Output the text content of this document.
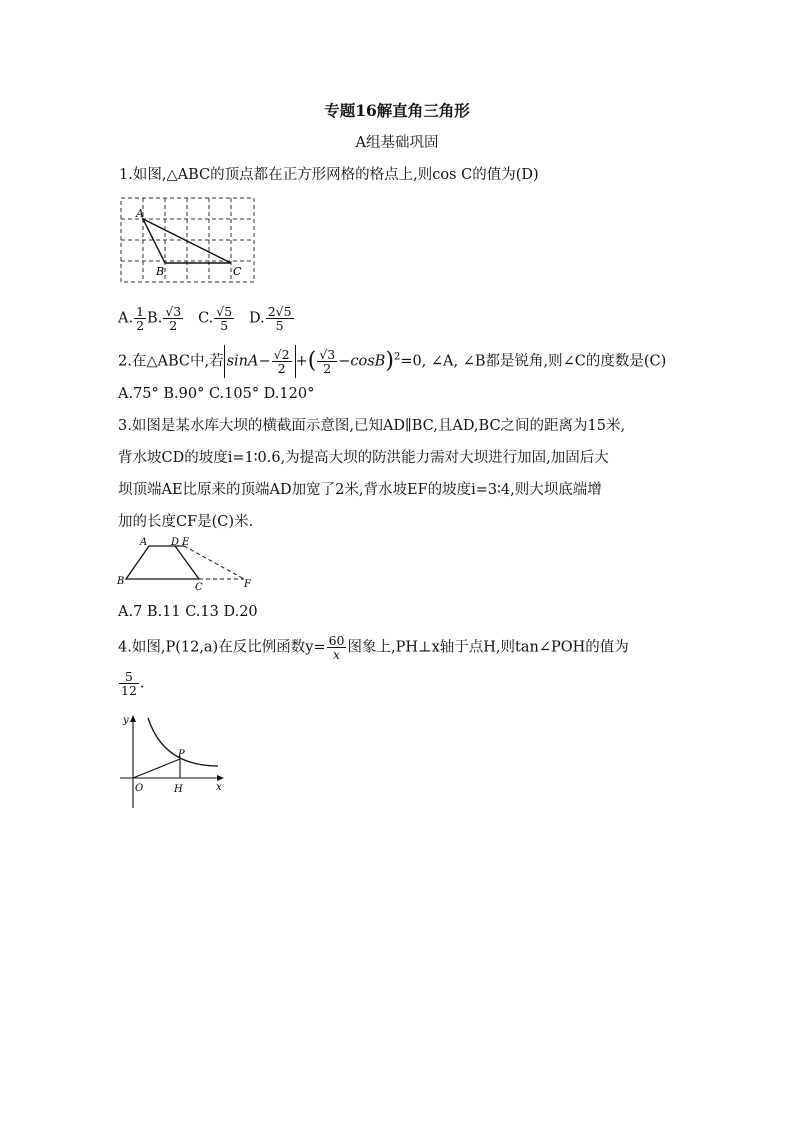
专题16解直角三角形
A组基础巩固
1.如图,△ABC的顶点都在正方形网格的格点上,则cos C的值为(D)
A
B	C
A. $\frac{1}{2} B$. $\frac{√3}{2} C$. $\frac{√5}{5} D$. $\frac{2√5}{5}$
2.在△ABC中,若 $\sin A- \frac{√2}{2}$ +( $\frac{√3}{2} -\cos B)^2=0$, ∠A, ∠B都是锐角,则∠C的度数是(C)
A.75° B.90° C.105° D.120°
3.如图是某水库大坝的横截面示意图,已知AD∥BC,且AD,BC之间的距离为15米,
背水坡CD的坡度i=1∶0.6,为提高大坝的防洪能力需对大坝进行加固,加固后大
坝顶端AE比原来的顶端AD加宽了2米,背水坡EF的坡度i=3∶4,则大坝底端增
加的长度CF是(C)米.
A D E
B
C	F
A.7 B.11 C.13 D.20
4.如图,P(12,a)在反比例函数$y= \frac{60}{x}$ 图象上,PH⊥x轴于点H,则tan∠POH的值为
$\frac{5}{12}$ .
y
P
O	H	x
